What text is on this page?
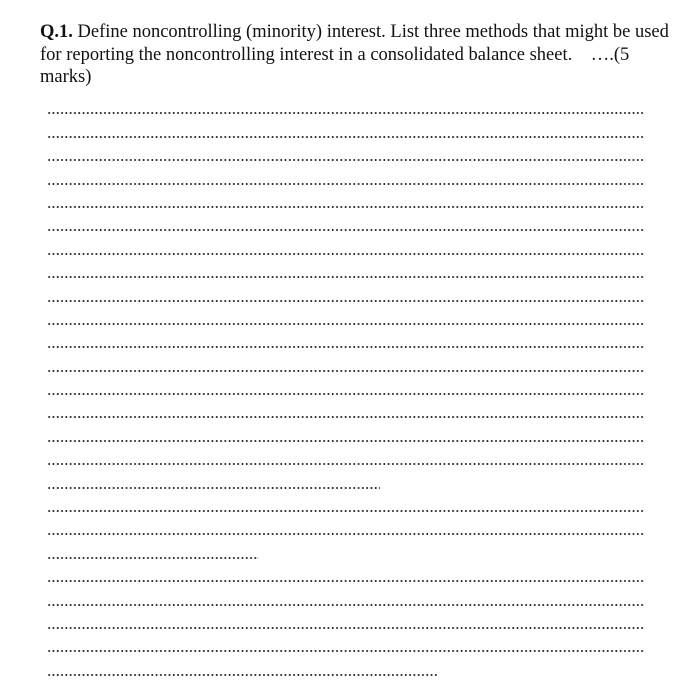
Q.1. Define noncontrolling (minority) interest. List three methods that might be used for reporting the noncontrolling interest in a consolidated balance sheet. ….(5 marks)
